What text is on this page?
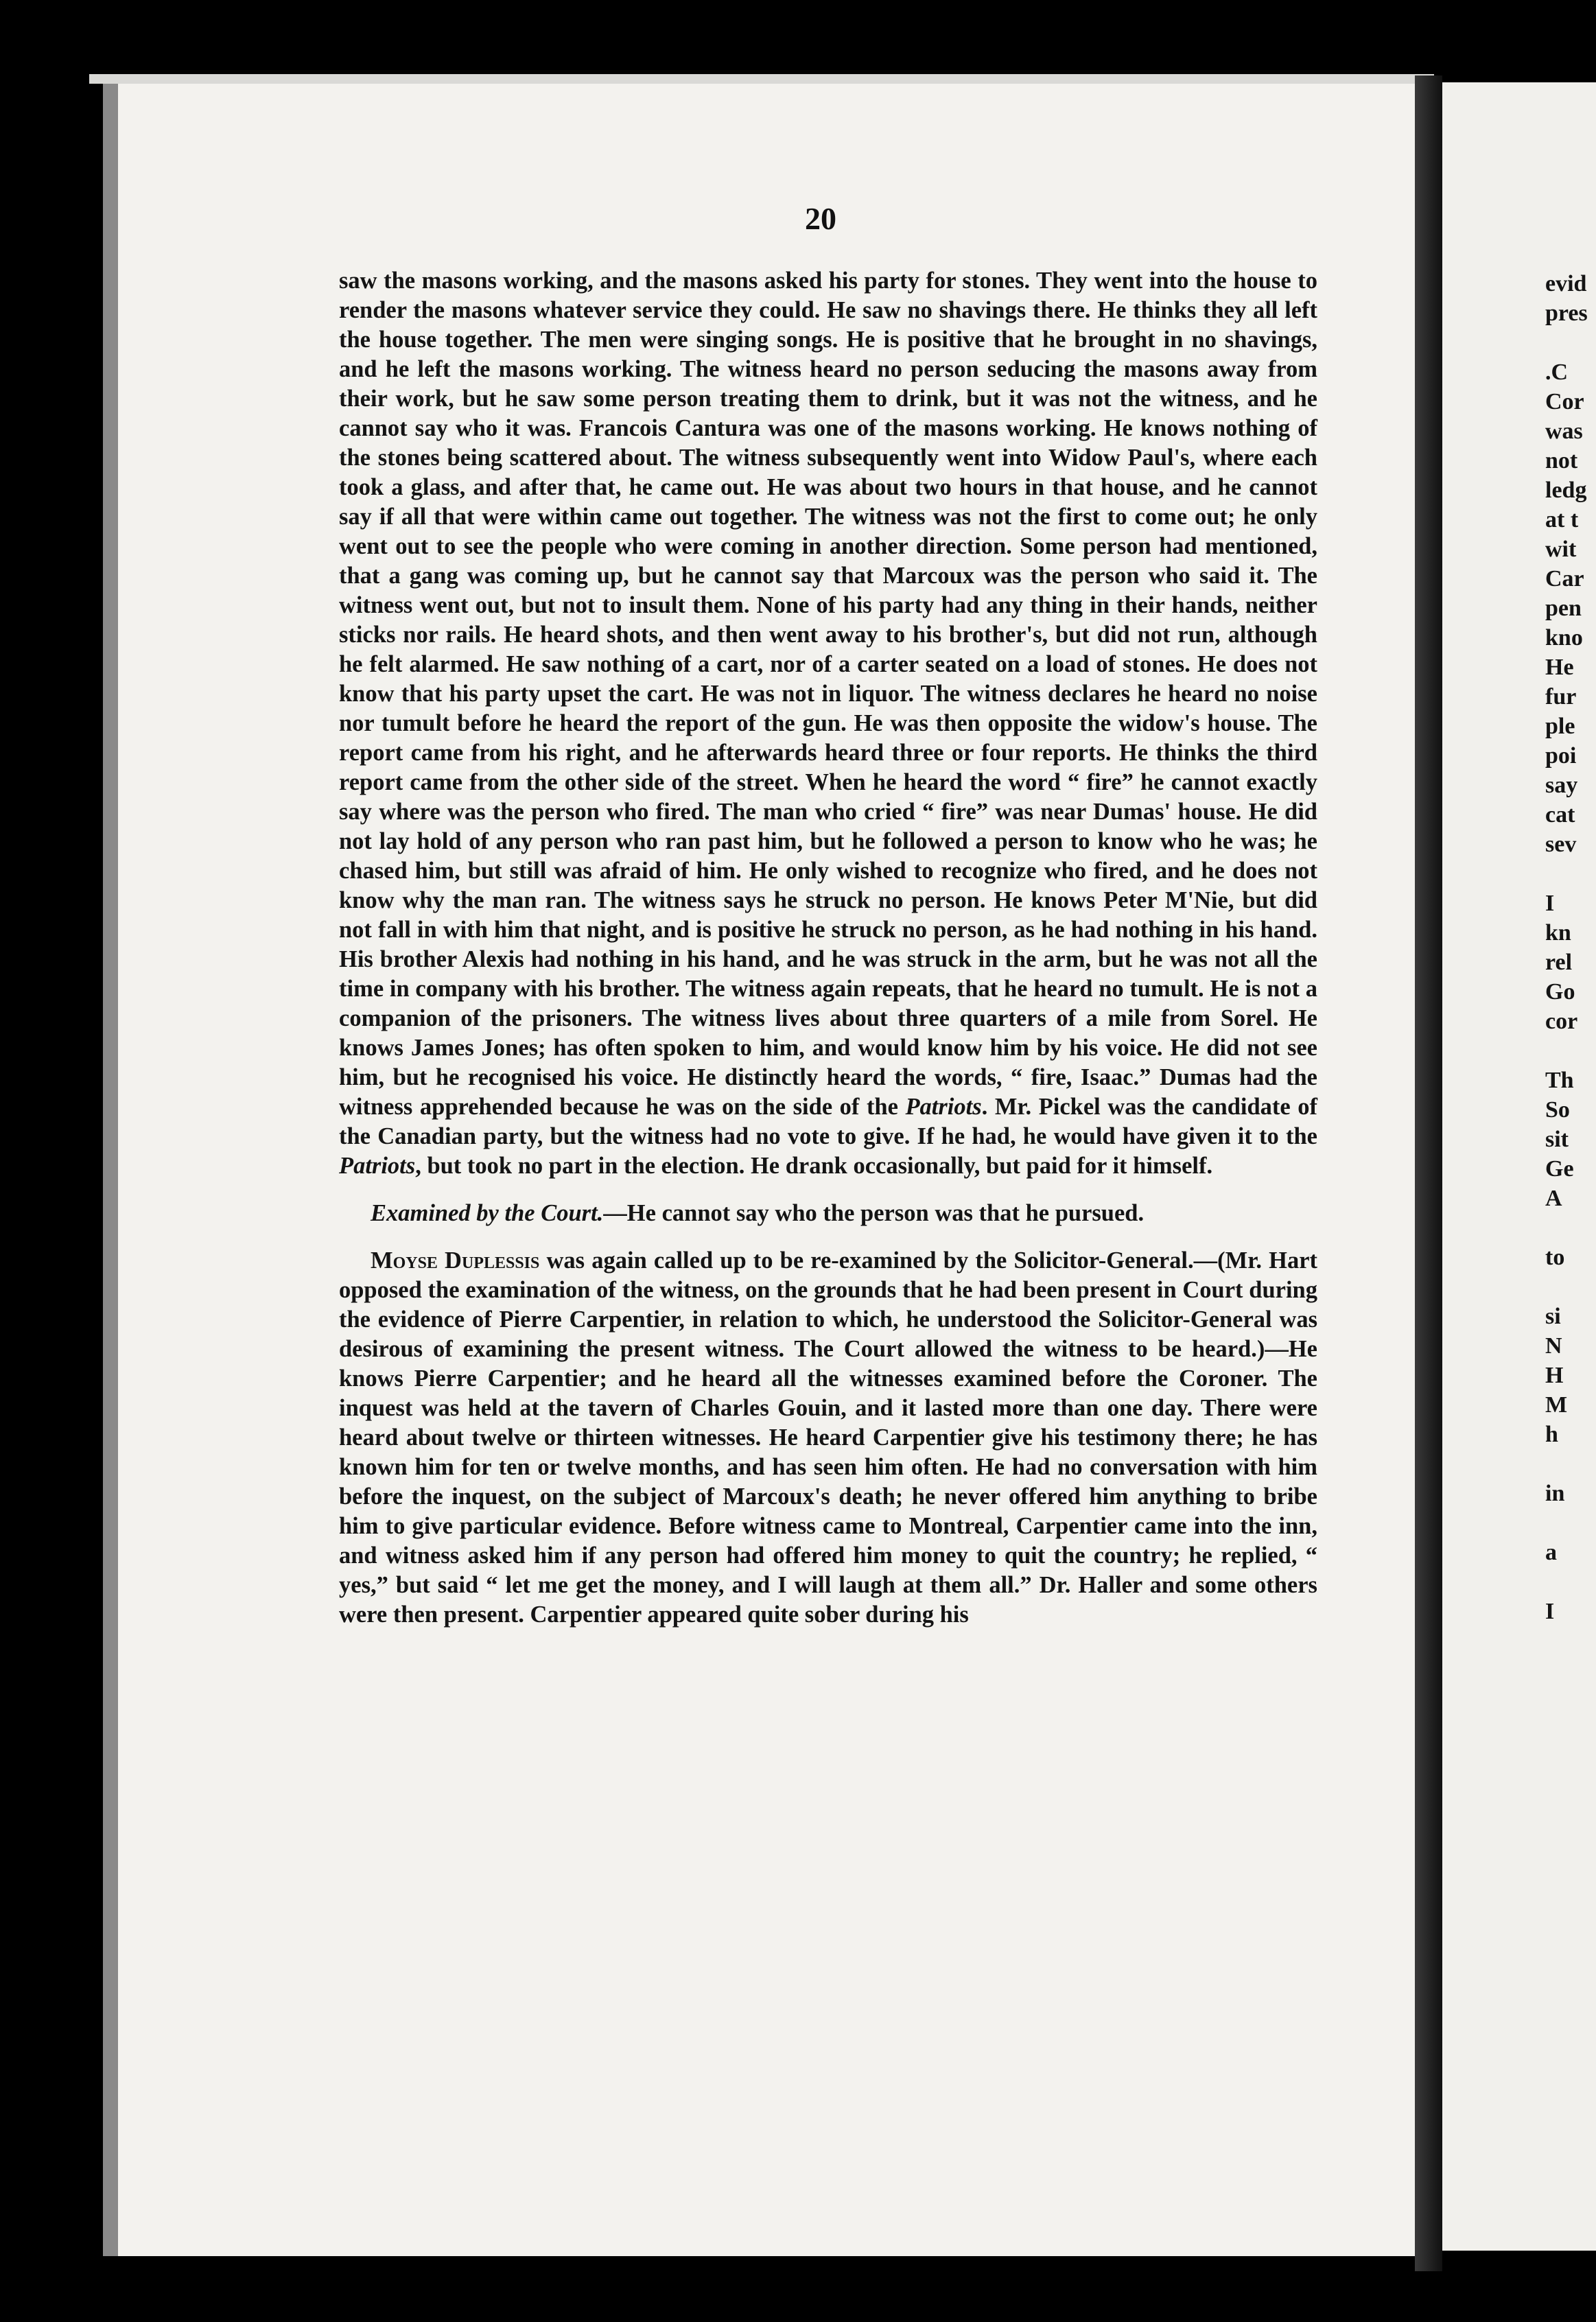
20

saw the masons working, and the masons asked his party for stones. They went into the house to render the masons whatever service they could. He saw no shavings there. He thinks they all left the house together. The men were singing songs. He is positive that he brought in no shavings, and he left the masons working. The witness heard no person seducing the masons away from their work, but he saw some person treating them to drink, but it was not the witness, and he cannot say who it was. Francois Cantura was one of the masons working. He knows nothing of the stones being scattered about. The witness subsequently went into Widow Paul's, where each took a glass, and after that, he came out. He was about two hours in that house, and he cannot say if all that were within came out together. The witness was not the first to come out; he only went out to see the people who were coming in another direction. Some person had mentioned, that a gang was coming up, but he cannot say that Marcoux was the person who said it. The witness went out, but not to insult them. None of his party had any thing in their hands, neither sticks nor rails. He heard shots, and then went away to his brother's, but did not run, although he felt alarmed. He saw nothing of a cart, nor of a carter seated on a load of stones. He does not know that his party upset the cart. He was not in liquor. The witness declares he heard no noise nor tumult before he heard the report of the gun. He was then opposite the widow's house. The report came from his right, and he afterwards heard three or four reports. He thinks the third report came from the other side of the street. When he heard the word “ fire” he cannot exactly say where was the person who fired. The man who cried “ fire” was near Dumas' house. He did not lay hold of any person who ran past him, but he followed a person to know who he was; he chased him, but still was afraid of him. He only wished to recognize who fired, and he does not know why the man ran. The witness says he struck no person. He knows Peter M'Nie, but did not fall in with him that night, and is positive he struck no person, as he had nothing in his hand. His brother Alexis had nothing in his hand, and he was struck in the arm, but he was not all the time in company with his brother. The witness again repeats, that he heard no tumult. He is not a companion of the prisoners. The witness lives about three quarters of a mile from Sorel. He knows James Jones; has often spoken to him, and would know him by his voice. He did not see him, but he recognised his voice. He distinctly heard the words, “ fire, Isaac.” Dumas had the witness apprehended because he was on the side of the Patriots. Mr. Pickel was the candidate of the Canadian party, but the witness had no vote to give. If he had, he would have given it to the Patriots, but took no part in the election. He drank occasionally, but paid for it himself.

Examined by the Court.—He cannot say who the person was that he pursued.

Moyse Duplessis was again called up to be re-examined by the Solicitor-General.—(Mr. Hart opposed the examination of the witness, on the grounds that he had been present in Court during the evidence of Pierre Carpentier, in relation to which, he understood the Solicitor-General was desirous of examining the present witness. The Court allowed the witness to be heard.)—He knows Pierre Carpentier; and he heard all the witnesses examined before the Coroner. The inquest was held at the tavern of Charles Gouin, and it lasted more than one day. There were heard about twelve or thirteen witnesses. He heard Carpentier give his testimony there; he has known him for ten or twelve months, and has seen him often. He had no conversation with him before the inquest, on the subject of Marcoux's death; he never offered him anything to bribe him to give particular evidence. Before witness came to Montreal, Carpentier came into the inn, and witness asked him if any person had offered him money to quit the country; he replied, “ yes,” but said “ let me get the money, and I will laugh at them all.” Dr. Haller and some others were then present. Carpentier appeared quite sober during his

evid
pres
.C
Cor
was
not
ledg
at t
wit
Car
pen
kno
He
fur
ple
poi
say
cat
sev
I
kn
rel
Go
cor
Th
So
sit
Ge
A
to
si
N
H
M
h
in
a
I
